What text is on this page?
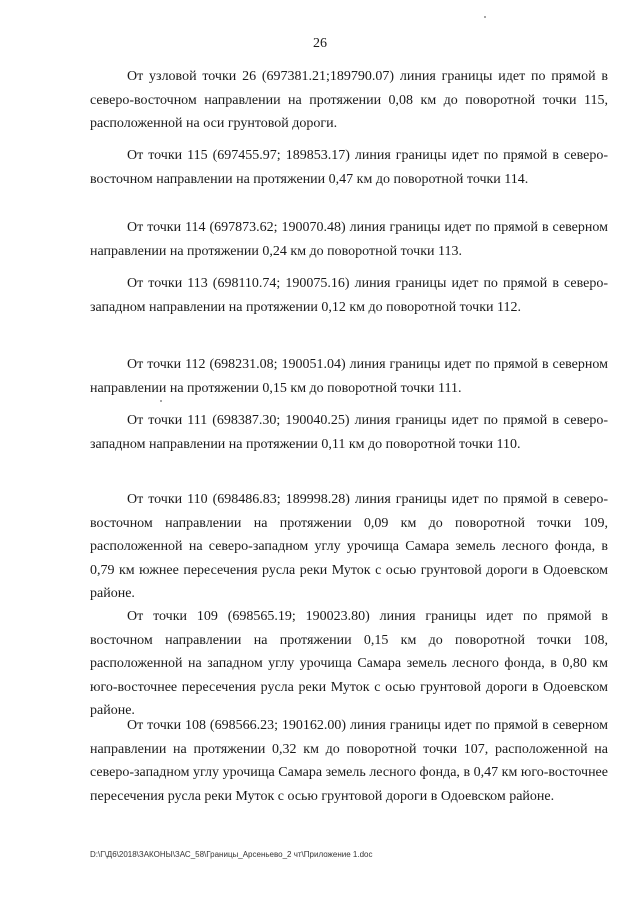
26

От узловой точки 26 (697381.21;189790.07) линия границы идет по прямой в северо-восточном направлении на протяжении 0,08 км до поворотной точки 115, расположенной на оси грунтовой дороги.

От точки 115 (697455.97; 189853.17) линия границы идет по прямой в северо-восточном направлении на протяжении 0,47 км до поворотной точки 114.

От точки 114 (697873.62; 190070.48) линия границы идет по прямой в северном направлении на протяжении 0,24 км до поворотной точки 113.

От точки 113 (698110.74; 190075.16) линия границы идет по прямой в северо-западном направлении на протяжении 0,12 км до поворотной точки 112.

От точки 112 (698231.08; 190051.04) линия границы идет по прямой в северном направлении на протяжении 0,15 км до поворотной точки 111.

От точки 111 (698387.30; 190040.25) линия границы идет по прямой в северо-западном направлении на протяжении 0,11 км до поворотной точки 110.

От точки 110 (698486.83; 189998.28) линия границы идет по прямой в северо-восточном направлении на протяжении 0,09 км до поворотной точки 109, расположенной на северо-западном углу урочища Самара земель лесного фонда, в 0,79 км южнее пересечения русла реки Муток с осью грунтовой дороги в Одоевском районе.

От точки 109 (698565.19; 190023.80) линия границы идет по прямой в восточном направлении на протяжении 0,15 км до поворотной точки 108, расположенной на западном углу урочища Самара земель лесного фонда, в 0,80 км юго-восточнее пересечения русла реки Муток с осью грунтовой дороги в Одоевском районе.

От точки 108 (698566.23; 190162.00) линия границы идет по прямой в северном направлении на протяжении 0,32 км до поворотной точки 107, расположенной на северо-западном углу урочища Самара земель лесного фонда, в 0,47 км юго-восточнее пересечения русла реки Муток с осью грунтовой дороги в Одоевском районе.

D:\Г\Д6\2018\ЗАКОНЫ\ЗАС_58\Границы_Арсеньево_2 чт\Приложение 1.doc
